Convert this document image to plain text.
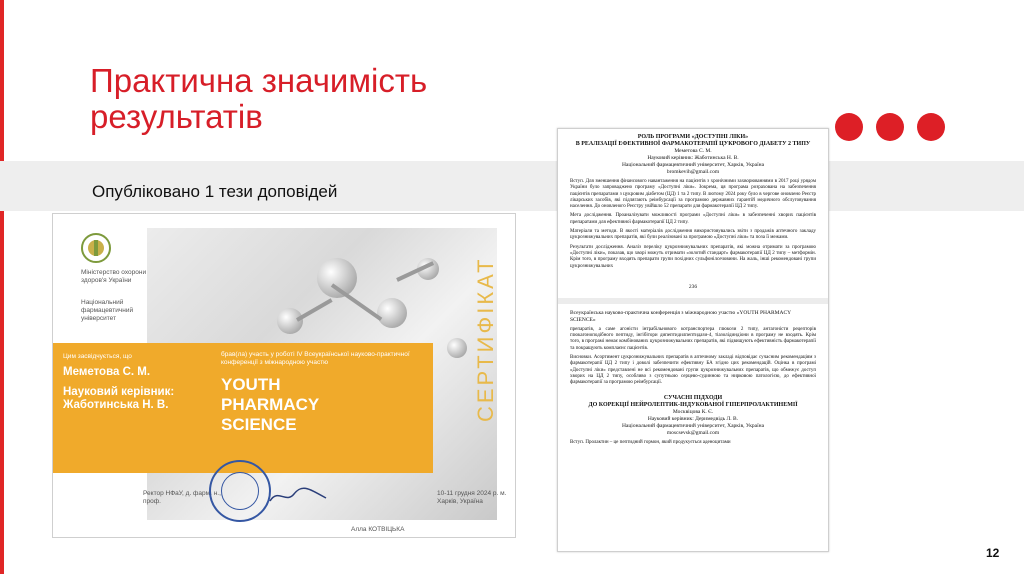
Практична значимість результатів
Опубліковано 1 тези доповідей
Міністерство охорони здоров'я України
Національний фармацевтичний університет	СЕРТИФІКАТ
Цим засвідчується, що
Меметова С. М.
Науковий керівник: Жаботинська Н. В.
брав(ла) участь у роботі IV Всеукраїнської науково-практичної конференції з міжнародною участю
YOUTH
PHARMACY
SCIENCE
Ректор НФаУ, д. фарм. н., проф.
10-11 грудня 2024 р. м. Харків, Україна
Алла КОТВІЦЬКА
РОЛЬ ПРОГРАМИ «ДОСТУПНІ ЛІКИ»
В РЕАЛІЗАЦІЇ ЕФЕКТИВНОЇ ФАРМАКОТЕРАПІЇ ЦУКРОВОГО ДІАБЕТУ 2 ТИПУ
Меметова С. М.
Науковий керівник: Жаботинська Н. В.
Національний фармацевтичний університет, Харків, Україна
bromkevih@gmail.com
Вступ. Для зменшення фінансового навантаження на пацієнтів з хронічними захворюваннями в 2017 році урядом України було запроваджено програму «Доступні ліки». Зокрема, ця програма розрахована на забезпечення пацієнтів препаратами з цукровим діабетом (ЦД) 1 та 2 типу. В лютому 2024 року було в чергове оновлено Реєстр лікарських засобів, які підлягають реімбурсації за програмою державних гарантій медичного обслуговування населення. До оновленого Реєстру увійшло 52 препарати для фармакотерапії ЦД 2 типу.
Мета дослідження. Проаналізувати можливості програми «Доступні ліки» в забезпеченні хворих пацієнтів препаратами для ефективної фармакотерапії ЦД 2 типу.
Матеріали та методи. В якості матеріалів дослідження використовувались звіти з продажів аптечного закладу цукрознижувальних препаратів, які були реалізовані за програмою «Доступні ліки» та поза її межами.
Результати дослідження. Аналіз переліку цукрознижувальних препаратів, які можна отримати за програмою «Доступні ліки», показав, що хворі можуть отримати «золотий стандарт» фармакотерапії ЦД 2 типу – метформін. Крім того, в програму входять препарати групи похідних сульфонілсечовини. На жаль, інші рекомендовані групи цукрознижувальних
236
Всеукраїнська науково-практична конференція з міжнародною участю «YOUTH PHARMACY SCIENCE»
препаратів, а саме агоністи інтрабільнового котранспортера глюкози 2 типу, антагоністи рецепторів глюкагоноподібного пептиду, інгібітори дипептидилпептидази-4, тіазолідиндіони в програму не входять. Крім того, в програмі немає комбінованих цукрознижувальних препаратів, які підвищують ефективність фармакотерапії та покращують комплаєнс пацієнтів.
Висновки. Асортимент цукрознижувальних препаратів в аптечному закладі відповідає сучасним рекомендаціям з фармакотерапії ЦД 2 типу і доволі забезпечити ефективну БА згідно цих рекомендацій. Оцінка в програмі «Доступні ліки» представлені не всі рекомендовані групи цукрознижувальних препаратів, що обмежує доступ хворих на ЦД 2 типу, особливо з супутньою серцево-судинною та нирковою патологією, до ефективної фармакотерапії за програмою реімбурсації.
СУЧАСНІ ПІДХОДИ
ДО КОРЕКЦІЇ НЕЙРОЛЕПТИК-ІНДУКОВАНОЇ ГІПЕРПРОЛАКТИНЕМІЇ
Москвіцова К. Є.
Науковий керівник: Деримедвідь Л. В.
Національний фармацевтичний університет, Харків, Україна
moscsevsk@gmail.com
Вступ. Пролактин – це пептидний гормон, який продукується аденоцитами
12
